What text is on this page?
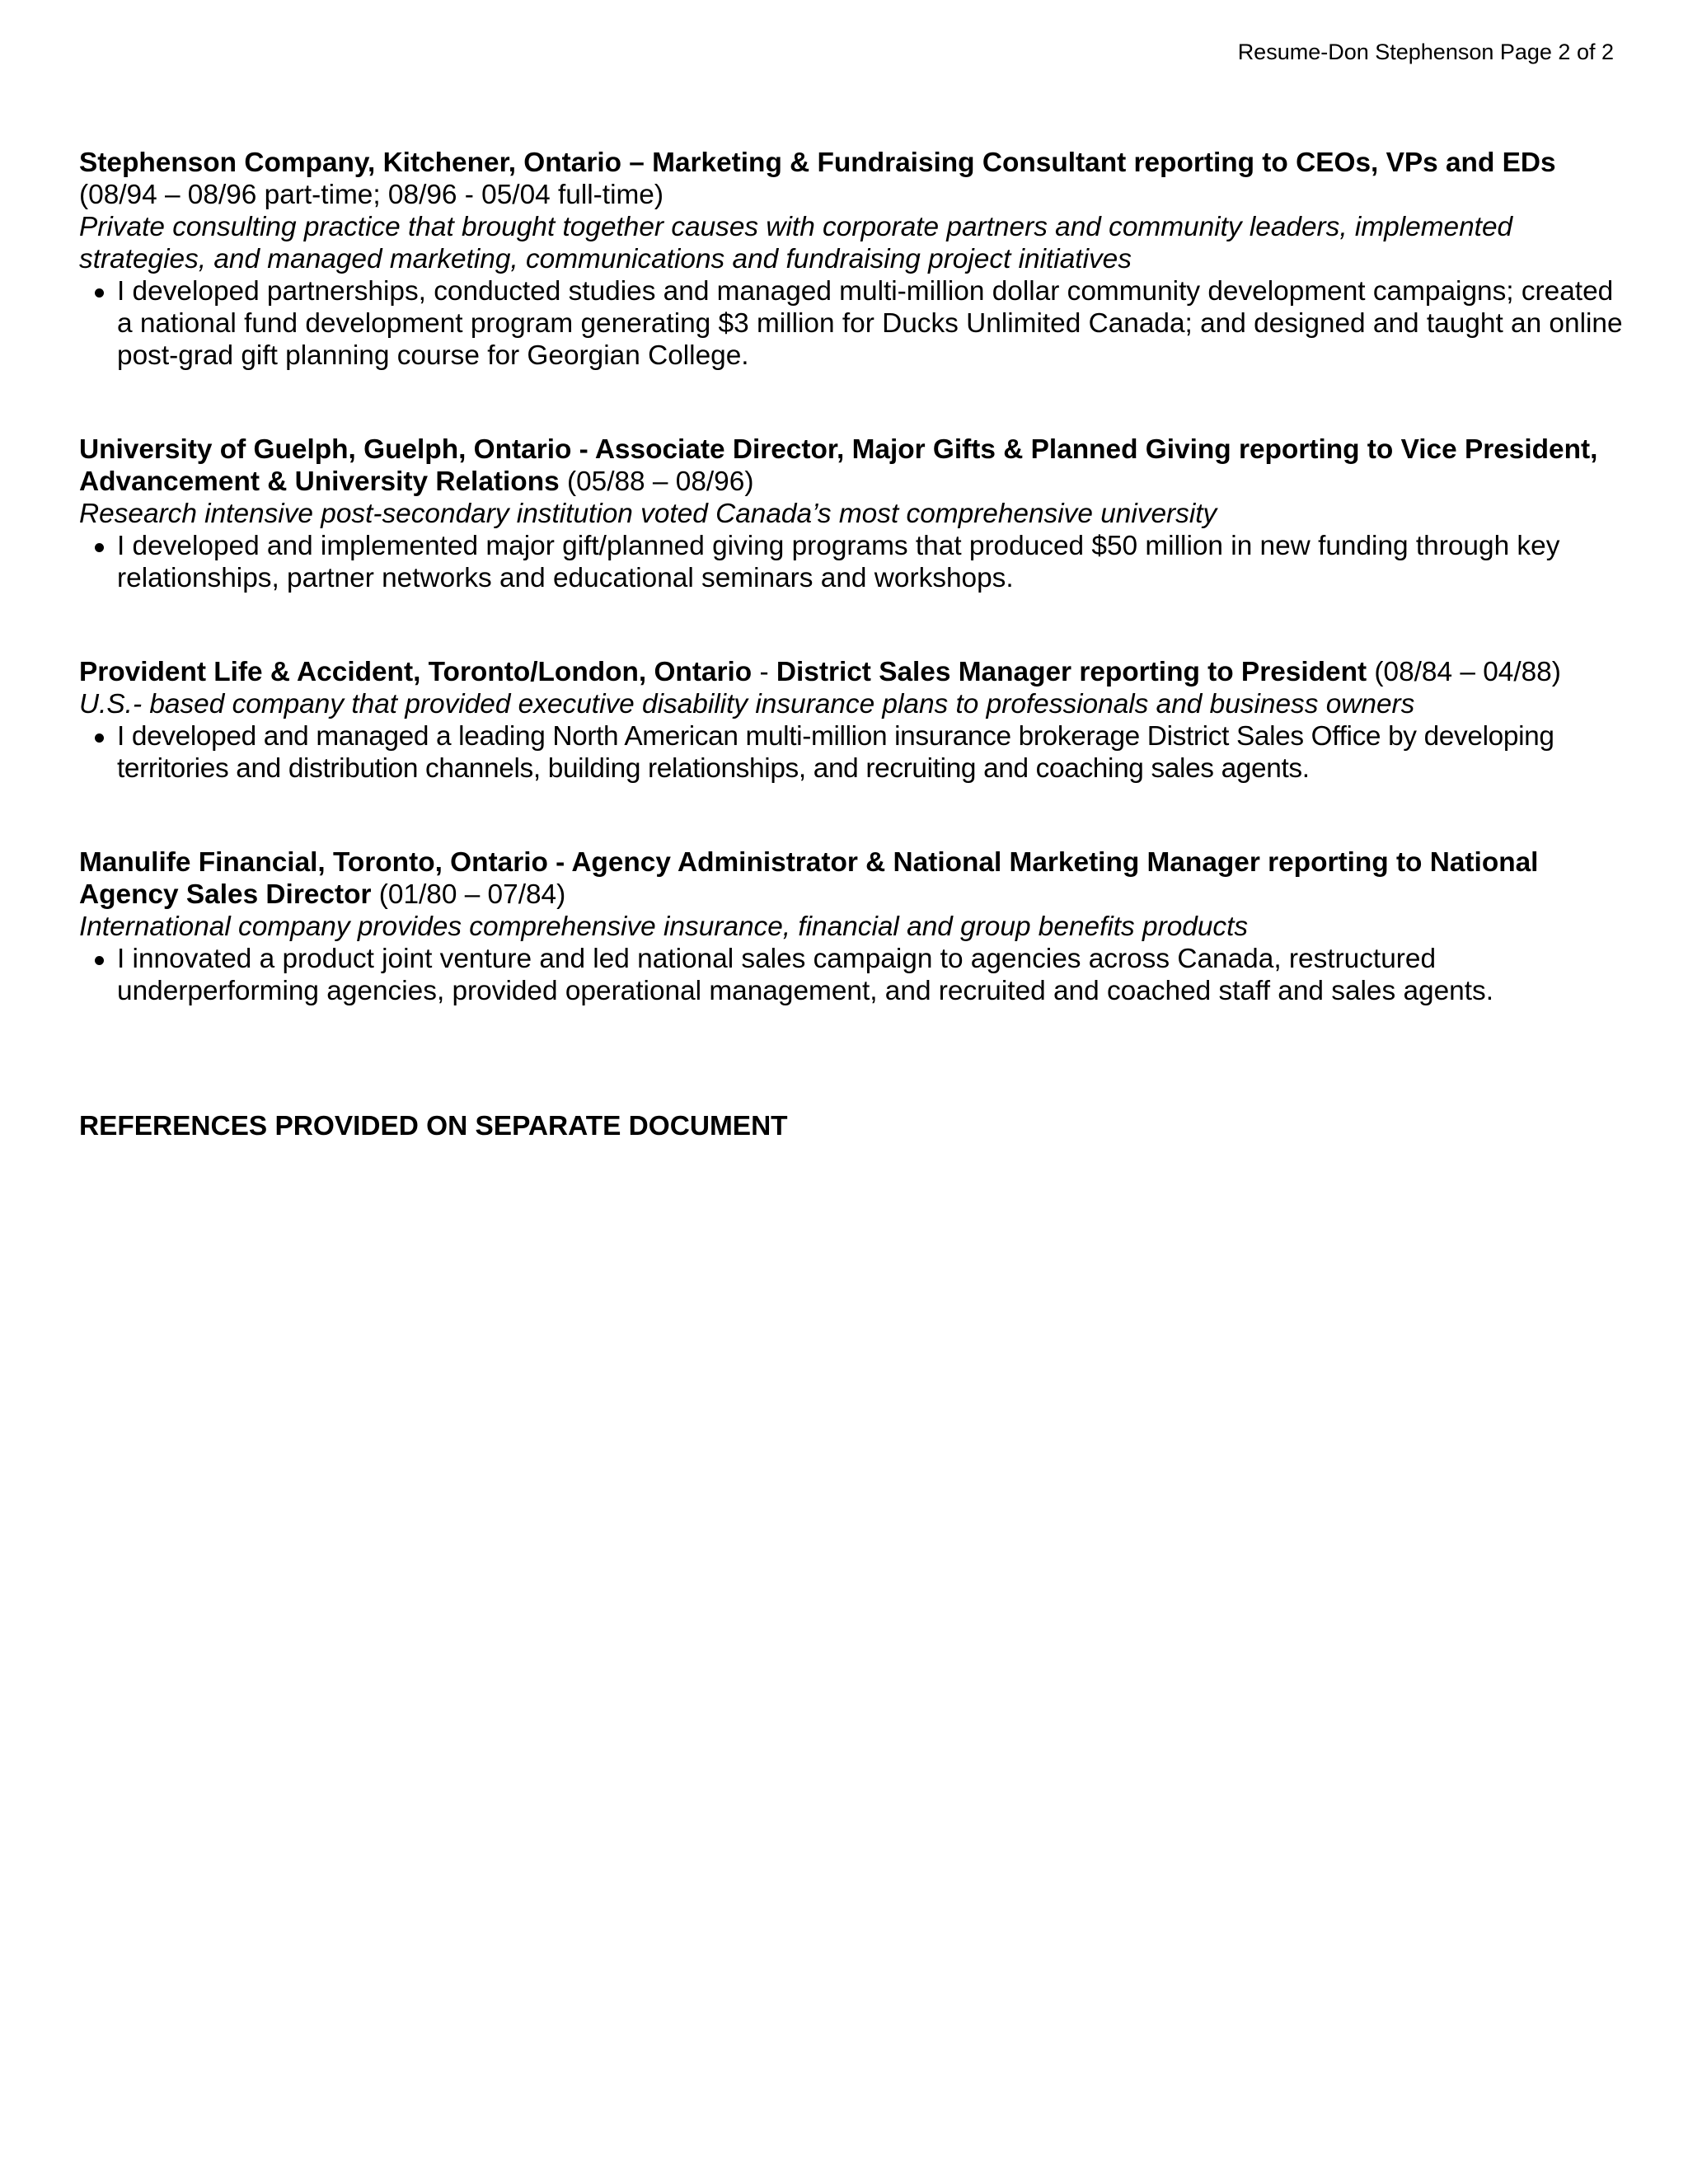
Resume-Don Stephenson Page 2 of 2
Stephenson Company, Kitchener, Ontario – Marketing & Fundraising Consultant reporting to CEOs, VPs and EDs
(08/94 – 08/96 part-time; 08/96 - 05/04 full-time)
Private consulting practice that brought together causes with corporate partners and community leaders, implemented strategies, and managed marketing, communications and fundraising project initiatives
I developed partnerships, conducted studies and managed multi-million dollar community development campaigns; created a national fund development program generating $3 million for Ducks Unlimited Canada; and designed and taught an online post-grad gift planning course for Georgian College.
University of Guelph, Guelph, Ontario - Associate Director, Major Gifts & Planned Giving reporting to Vice President, Advancement & University Relations (05/88 – 08/96)
Research intensive post-secondary institution voted Canada’s most comprehensive university
I developed and implemented major gift/planned giving programs that produced $50 million in new funding through key relationships, partner networks and educational seminars and workshops.
Provident Life & Accident, Toronto/London, Ontario - District Sales Manager reporting to President (08/84 – 04/88)
U.S.- based company that provided executive disability insurance plans to professionals and business owners
I developed and managed a leading North American multi-million insurance brokerage District Sales Office by developing territories and distribution channels, building relationships, and recruiting and coaching sales agents.
Manulife Financial, Toronto, Ontario - Agency Administrator & National Marketing Manager reporting to National Agency Sales Director (01/80 – 07/84)
International company provides comprehensive insurance, financial and group benefits products
I innovated a product joint venture and led national sales campaign to agencies across Canada, restructured underperforming agencies, provided operational management, and recruited and coached staff and sales agents.
REFERENCES PROVIDED ON SEPARATE DOCUMENT
